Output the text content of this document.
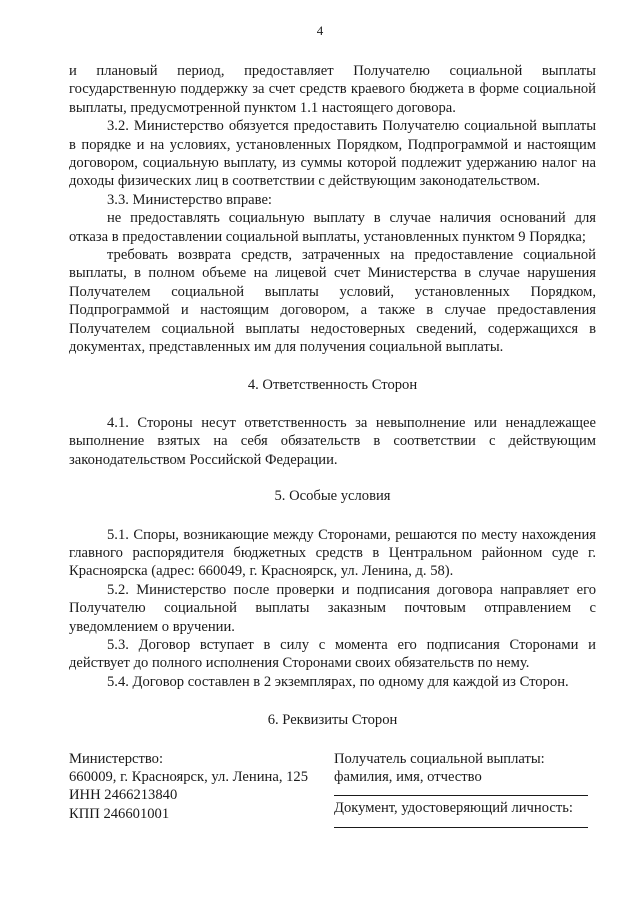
4

и плановый период, предоставляет Получателю социальной выплаты государственную поддержку за счет средств краевого бюджета в форме социальной выплаты, предусмотренной пунктом 1.1 настоящего договора.

3.2. Министерство обязуется предоставить Получателю социальной выплаты в порядке и на условиях, установленных Порядком, Подпрограммой и настоящим договором, социальную выплату, из суммы которой подлежит удержанию налог на доходы физических лиц в соответствии с действующим законодательством.

3.3. Министерство вправе:

не предоставлять социальную выплату в случае наличия оснований для отказа в предоставлении социальной выплаты, установленных пунктом 9 Порядка;

требовать возврата средств, затраченных на предоставление социальной выплаты, в полном объеме на лицевой счет Министерства в случае нарушения Получателем социальной выплаты условий, установленных Порядком, Подпрограммой и настоящим договором, а также в случае предоставления Получателем социальной выплаты недостоверных сведений, содержащихся в документах, представленных им для получения социальной выплаты.

4. Ответственность Сторон

4.1. Стороны несут ответственность за невыполнение или ненадлежащее выполнение взятых на себя обязательств в соответствии с действующим законодательством Российской Федерации.

5. Особые условия

5.1. Споры, возникающие между Сторонами, решаются по месту нахождения главного распорядителя бюджетных средств в Центральном районном суде г. Красноярска (адрес: 660049, г. Красноярск, ул. Ленина, д. 58).

5.2. Министерство после проверки и подписания договора направляет его Получателю социальной выплаты заказным почтовым отправлением с уведомлением о вручении.

5.3. Договор вступает в силу с момента его подписания Сторонами и действует до полного исполнения Сторонами своих обязательств по нему.

5.4. Договор составлен в 2 экземплярах, по одному для каждой из Сторон.

6. Реквизиты Сторон

Министерство:

660009, г. Красноярск, ул. Ленина, 125

ИНН 2466213840

КПП 246601001

Получатель социальной выплаты:

фамилия, имя, отчество

Документ, удостоверяющий личность:
